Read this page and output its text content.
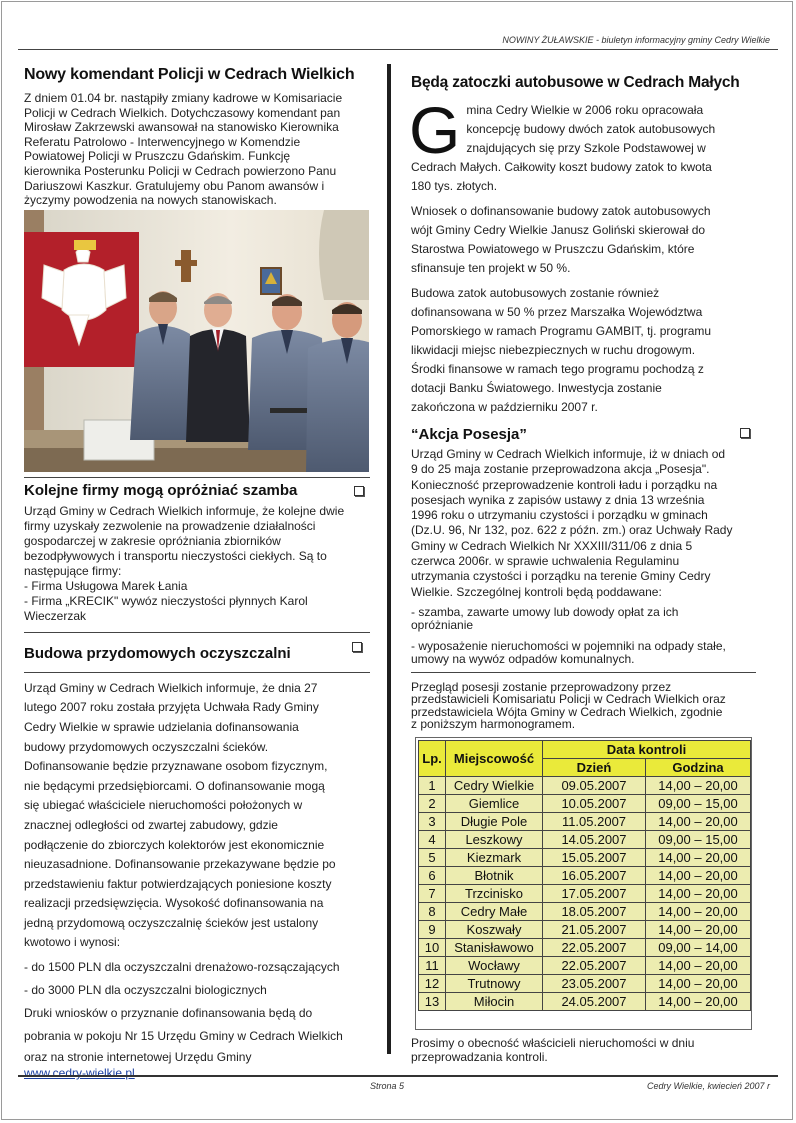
NOWINY ŻUŁAWSKIE - biuletyn informacyjny gminy Cedry Wielkie
Nowy komendant Policji w Cedrach Wielkich
Z dniem 01.04 br. nastąpiły zmiany kadrowe w Komisariacie
Policji w Cedrach Wielkich. Dotychczasowy komendant pan
Mirosław Zakrzewski awansował na stanowisko Kierownika
Referatu Patrolowo - Interwencyjnego w Komendzie
Powiatowej Policji w Pruszczu Gdańskim. Funkcję
kierownika Posterunku Policji w Cedrach powierzono Panu
Dariuszowi Kaszkur. Gratulujemy obu Panom awansów i
życzymy powodzenia na nowych stanowiskach.
Kolejne firmy mogą opróżniać szamba
Urząd Gminy w Cedrach Wielkich informuje, że kolejne dwie
firmy uzyskały zezwolenie na prowadzenie działalności
gospodarczej w zakresie opróżniania zbiorników
bezodpływowych i transportu nieczystości ciekłych. Są to
następujące firmy:
- Firma Usługowa Marek Łania
- Firma „KRECIK" wywóz nieczystości płynnych Karol
Wieczerzak
Budowa przydomowych oczyszczalni
Urząd Gminy w Cedrach Wielkich informuje, że dnia 27
lutego 2007 roku została przyjęta Uchwała Rady Gminy
Cedry Wielkie w sprawie udzielania dofinansowania
budowy przydomowych oczyszczalni ścieków.
Dofinansowanie będzie przyznawane osobom fizycznym,
nie będącymi przedsiębiorcami. O dofinansowanie mogą
się ubiegać właściciele nieruchomości położonych w
znacznej odległości od zwartej zabudowy, gdzie
podłączenie do zbiorczych kolektorów jest ekonomicznie
nieuzasadnione. Dofinansowanie przekazywane będzie po
przedstawieniu faktur potwierdzających poniesione koszty
realizacji przedsięwzięcia. Wysokość dofinansowania na
jedną przydomową oczyszczalnię ścieków jest ustalony
kwotowo i wynosi:

- do 1500 PLN dla oczyszczalni drenażowo-rozsączających

- do 3000 PLN dla oczyszczalni biologicznych

Druki wniosków o przyznanie dofinansowania będą do

pobrania w pokoju Nr 15 Urzędu Gminy w Cedrach Wielkich

oraz na stronie internetowej Urzędu Gminy

www.cedry-wielkie.pl.

Będą zatoczki autobusowe w Cedrach Małych
G mina Cedry Wielkie w 2006 roku opracowała
koncepcję budowy dwóch zatok autobusowych
znajdujących się przy Szkole Podstawowej w
Cedrach Małych. Całkowity koszt budowy zatok to kwota
180 tys. złotych.
Wniosek o dofinansowanie budowy zatok autobusowych
wójt Gminy Cedry Wielkie Janusz Goliński skierował do
Starostwa Powiatowego w Pruszczu Gdańskim, które
sfinansuje ten projekt w 50 %.
Budowa zatok autobusowych zostanie również
dofinansowana w 50 % przez Marszałka Województwa
Pomorskiego w ramach Programu GAMBIT, tj. programu
likwidacji miejsc niebezpiecznych w ruchu drogowym.
Środki finansowe w ramach tego programu pochodzą z
dotacji Banku Światowego. Inwestycja zostanie
zakończona w październiku 2007 r.
“Akcja Posesja”
Urząd Gminy w Cedrach Wielkich informuje, iż w dniach od
9 do 25 maja zostanie przeprowadzona akcja „Posesja".
Konieczność przeprowadzenie kontroli ładu i porządku na
posesjach wynika z zapisów ustawy z dnia 13 września
1996 roku o utrzymaniu czystości i porządku w gminach
(Dz.U. 96, Nr 132, poz. 622 z późn. zm.) oraz Uchwały Rady
Gminy w Cedrach Wielkich Nr XXXIII/311/06 z dnia 5
czerwca 2006r. w sprawie uchwalenia Regulaminu
utrzymania czystości i porządku na terenie Gminy Cedry
Wielkie. Szczególnej kontroli będą poddawane:
- szamba, zawarte umowy lub dowody opłat za ich
opróżnianie
- wyposażenie nieruchomości w pojemniki na odpady stałe,
umowy na wywóz odpadów komunalnych.
Przegląd posesji zostanie przeprowadzony przez
przedstawicieli Komisariatu Policji w Cedrach Wielkich oraz
przedstawiciela Wójta Gminy w Cedrach Wielkich, zgodnie
z poniższym harmonogramem.
Lp.	Miejscowość	Data kontroli	
		Dzień	Godzina
1	Cedry Wielkie	09.05.2007	14,00 – 20,00
2	Giemlice	10.05.2007	09,00 – 15,00
3	Długie Pole	11.05.2007	14,00 – 20,00
4	Leszkowy	14.05.2007	09,00 – 15,00
5	Kiezmark	15.05.2007	14,00 – 20,00
6	Błotnik	16.05.2007	14,00 – 20,00
7	Trzcinisko	17.05.2007	14,00 – 20,00
8	Cedry Małe	18.05.2007	14,00 – 20,00
9	Koszwały	21.05.2007	14,00 – 20,00
10	Stanisławowo	22.05.2007	09,00 – 14,00
11	Wocławy	22.05.2007	14,00 – 20,00
12	Trutnowy	23.05.2007	14,00 – 20,00
13	Miłocin	24.05.2007	14,00 – 20,00
Prosimy o obecność właścicieli nieruchomości w dniu
przeprowadzania kontroli.
Strona 5	Cedry Wielkie, kwiecień 2007 r
